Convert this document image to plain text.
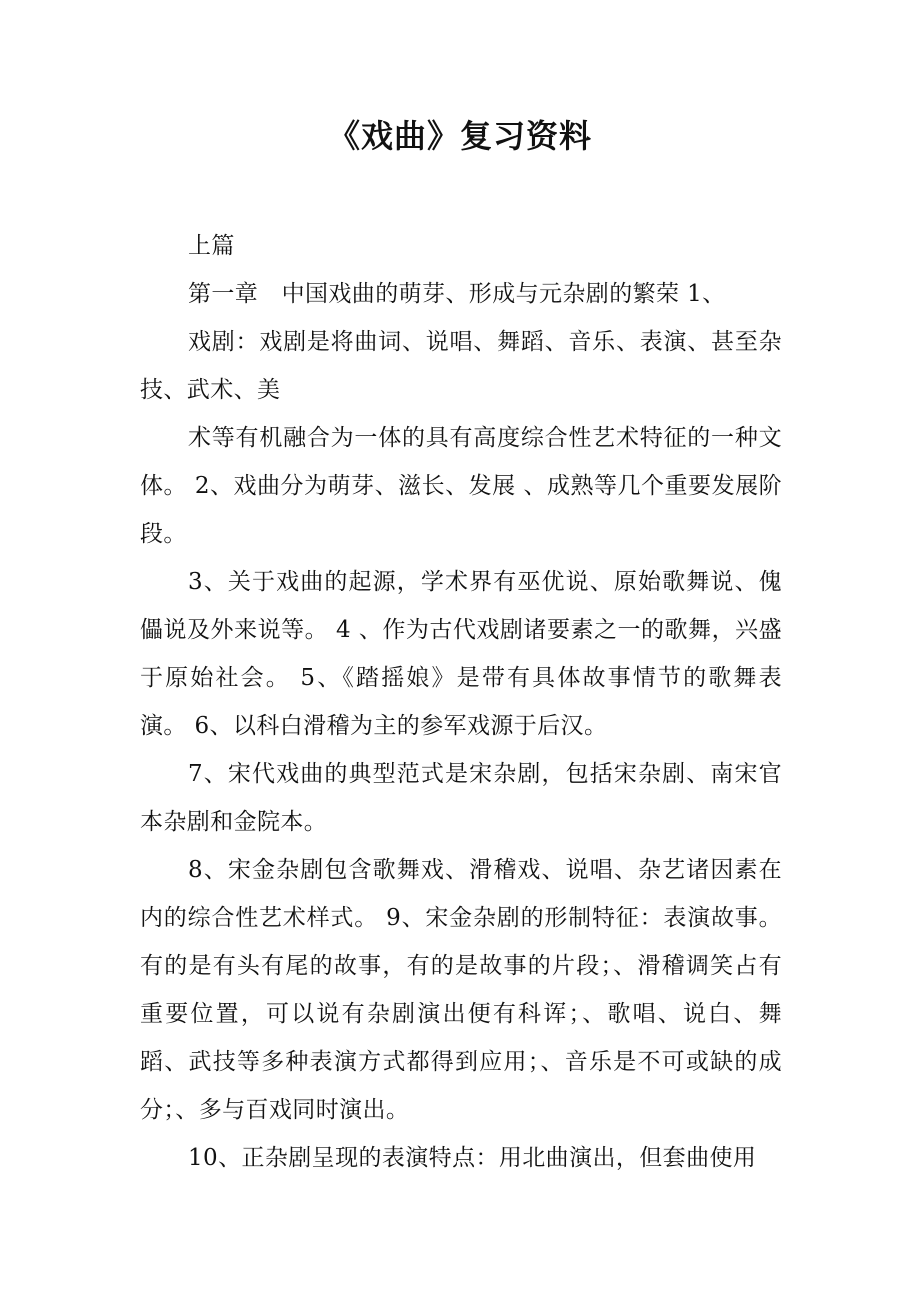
《戏曲》复习资料

上篇

第一章　中国戏曲的萌芽、形成与元杂剧的繁荣 1、

戏剧：戏剧是将曲词、说唱、舞蹈、音乐、表演、甚至杂技、武术、美

术等有机融合为一体的具有高度综合性艺术特征的一种文体。 2、戏曲分为萌芽、滋长、发展 、成熟等几个重要发展阶段。

3、关于戏曲的起源，学术界有巫优说、原始歌舞说、傀儡说及外来说等。 4 、作为古代戏剧诸要素之一的歌舞，兴盛于原始社会。 5、《踏摇娘》是带有具体故事情节的歌舞表演。 6、以科白滑稽为主的参军戏源于后汉。

7、宋代戏曲的典型范式是宋杂剧，包括宋杂剧、南宋官本杂剧和金院本。

8、宋金杂剧包含歌舞戏、滑稽戏、说唱、杂艺诸因素在内的综合性艺术样式。 9、宋金杂剧的形制特征：表演故事。有的是有头有尾的故事，有的是故事的片段；、滑稽调笑占有重要位置，可以说有杂剧演出便有科诨；、歌唱、说白、舞蹈、武技等多种表演方式都得到应用；、音乐是不可或缺的成分；、多与百戏同时演出。

10、正杂剧呈现的表演特点：用北曲演出，但套曲使用
